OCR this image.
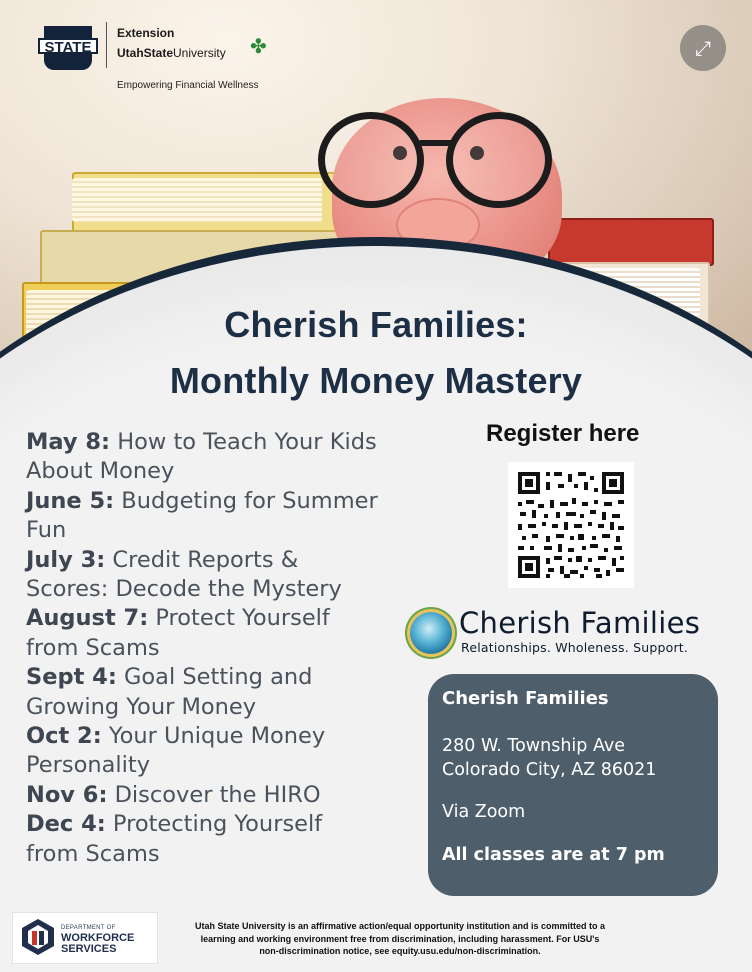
STATE
Extension
UtahStateUniversity ✤
Empowering Financial Wellness
⤢
Cherish Families:
Monthly Money Mastery
May 8: How to Teach Your Kids
About Money
June 5: Budgeting for Summer
Fun
July 3: Credit Reports &
Scores: Decode the Mystery
August 7: Protect Yourself
from Scams
Sept 4: Goal Setting and
Growing Your Money
Oct 2: Your Unique Money
Personality
Nov 6: Discover the HIRO
Dec 4: Protecting Yourself
from Scams
Register here
Cherish Families
Relationships. Wholeness. Support.
Cherish Families
280 W. Township Ave
Colorado City, AZ 86021
Via Zoom
All classes are at 7 pm
DEPARTMENT OF
WORKFORCE
SERVICES
Utah State University is an affirmative action/equal opportunity institution and is committed to a learning and working environment free from discrimination, including harassment. For USU's non-discrimination notice, see equity.usu.edu/non-discrimination.
